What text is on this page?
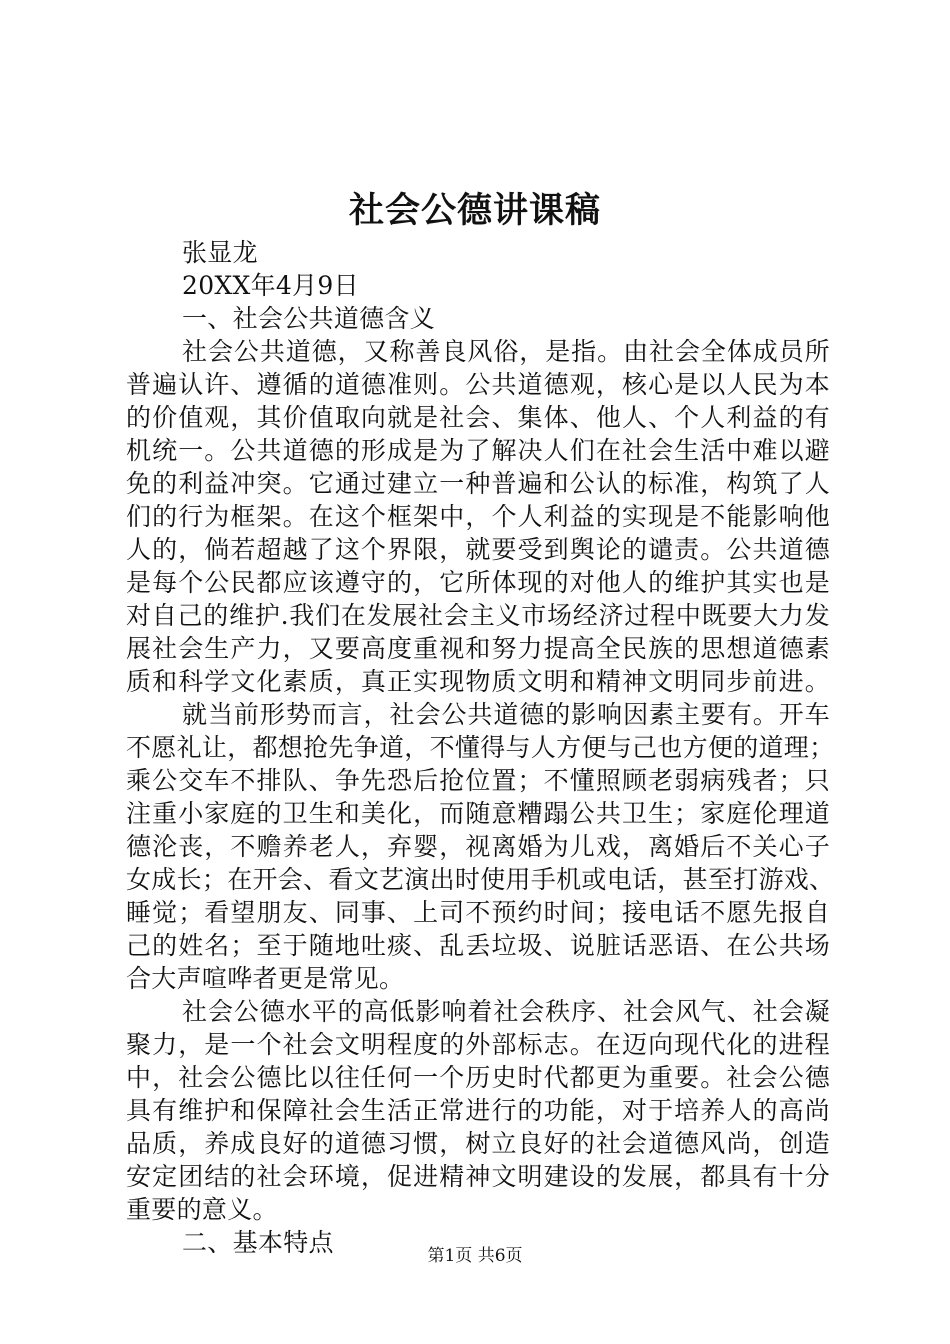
社会公德讲课稿
张显龙
20XX年4月9日
一、社会公共道德含义
社会公共道德，又称善良风俗，是指。由社会全体成员所
普遍认许、遵循的道德准则。公共道德观，核心是以人民为本
的价值观，其价值取向就是社会、集体、他人、个人利益的有
机统一。公共道德的形成是为了解决人们在社会生活中难以避
免的利益冲突。它通过建立一种普遍和公认的标准，构筑了人
们的行为框架。在这个框架中，个人利益的实现是不能影响他
人的，倘若超越了这个界限，就要受到舆论的谴责。公共道德
是每个公民都应该遵守的，它所体现的对他人的维护其实也是
对自己的维护.我们在发展社会主义市场经济过程中既要大力发
展社会生产力，又要高度重视和努力提高全民族的思想道德素
质和科学文化素质，真正实现物质文明和精神文明同步前进。
就当前形势而言，社会公共道德的影响因素主要有。开车
不愿礼让，都想抢先争道，不懂得与人方便与己也方便的道理；
乘公交车不排队、争先恐后抢位置；不懂照顾老弱病残者；只
注重小家庭的卫生和美化，而随意糟蹋公共卫生；家庭伦理道
德沦丧，不赡养老人，弃婴，视离婚为儿戏，离婚后不关心子
女成长；在开会、看文艺演出时使用手机或电话，甚至打游戏、
睡觉；看望朋友、同事、上司不预约时间；接电话不愿先报自
己的姓名；至于随地吐痰、乱丢垃圾、说脏话恶语、在公共场
合大声喧哗者更是常见。
社会公德水平的高低影响着社会秩序、社会风气、社会凝
聚力，是一个社会文明程度的外部标志。在迈向现代化的进程
中，社会公德比以往任何一个历史时代都更为重要。社会公德
具有维护和保障社会生活正常进行的功能，对于培养人的高尚
品质，养成良好的道德习惯，树立良好的社会道德风尚，创造
安定团结的社会环境，促进精神文明建设的发展，都具有十分
重要的意义。
二、基本特点	第1页 共6页
